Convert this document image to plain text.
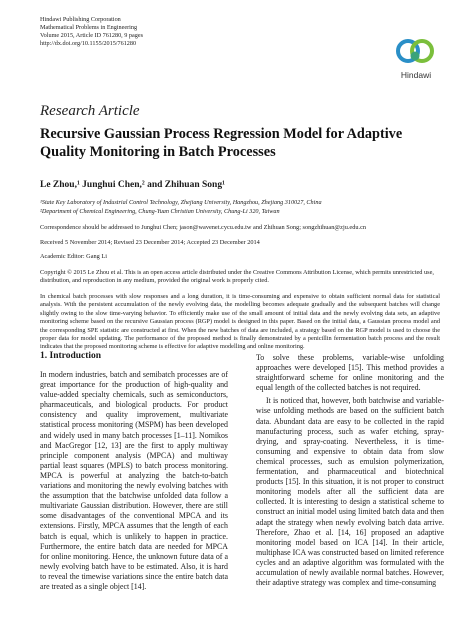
Hindawi Publishing Corporation
Mathematical Problems in Engineering
Volume 2015, Article ID 761280, 9 pages
http://dx.doi.org/10.1155/2015/761280
Hindawi
Research Article
Recursive Gaussian Process Regression Model for Adaptive Quality Monitoring in Batch Processes
Le Zhou,¹ Junghui Chen,² and Zhihuan Song¹
¹State Key Laboratory of Industrial Control Technology, Zhejiang University, Hangzhou, Zhejiang 310027, China
²Department of Chemical Engineering, Chung-Yuan Christian University, Chung-Li 320, Taiwan
Correspondence should be addressed to Junghui Chen; jason@wavenet.cycu.edu.tw and Zhihuan Song; songzhihuan@zju.edu.cn
Received 5 November 2014; Revised 23 December 2014; Accepted 23 December 2014
Academic Editor: Gang Li
Copyright © 2015 Le Zhou et al. This is an open access article distributed under the Creative Commons Attribution License, which permits unrestricted use, distribution, and reproduction in any medium, provided the original work is properly cited.
In chemical batch processes with slow responses and a long duration, it is time-consuming and expensive to obtain sufficient normal data for statistical analysis. With the persistent accumulation of the newly evolving data, the modelling becomes adequate gradually and the subsequent batches will change slightly owing to the slow time-varying behavior. To efficiently make use of the small amount of initial data and the newly evolving data sets, an adaptive monitoring scheme based on the recursive Gaussian process (RGP) model is designed in this paper. Based on the initial data, a Gaussian process model and the corresponding SPE statistic are constructed at first. When the new batches of data are included, a strategy based on the RGP model is used to choose the proper data for model updating. The performance of the proposed method is finally demonstrated by a penicillin fermentation batch process and the result indicates that the proposed monitoring scheme is effective for adaptive modelling and online monitoring.
1. Introduction

In modern industries, batch and semibatch processes are of great importance for the production of high-quality and value-added specialty chemicals, such as semiconductors, pharmaceuticals, and biological products. For product consistency and quality improvement, multivariate statistical process monitoring (MSPM) has been developed and widely used in many batch processes [1–11]. Nomikos and MacGregor [12, 13] are the first to apply multiway principle component analysis (MPCA) and multiway partial least squares (MPLS) to batch process monitoring. MPCA is powerful at analyzing the batch-to-batch variations and monitoring the newly evolving batches with the assumption that the batchwise unfolded data follow a multivariate Gaussian distribution. However, there are still some disadvantages of the conventional MPCA and its extensions. Firstly, MPCA assumes that the length of each batch is equal, which is unlikely to happen in practice. Furthermore, the entire batch data are needed for MPCA for online monitoring. Hence, the unknown future data of a newly evolving batch have to be estimated. Also, it is hard to reveal the timewise variations since the entire batch data are treated as a single object [14].

To solve these problems, variable-wise unfolding approaches were developed [15]. This method provides a straightforward scheme for online monitoring and the equal length of the collected batches is not required.

It is noticed that, however, both batchwise and variable-wise unfolding methods are based on the sufficient batch data. Abundant data are easy to be collected in the rapid manufacturing process, such as wafer etching, spray-drying, and spray-coating. Nevertheless, it is time-consuming and expensive to obtain data from slow chemical processes, such as emulsion polymerization, fermentation, and pharmaceutical and biotechnical products [15]. In this situation, it is not proper to construct monitoring models after all the sufficient data are collected. It is interesting to design a statistical scheme to construct an initial model using limited batch data and then adapt the strategy when newly evolving batch data arrive. Therefore, Zhao et al. [14, 16] proposed an adaptive monitoring model based on ICA [14]. In their article, multiphase ICA was constructed based on limited reference cycles and an adaptive algorithm was formulated with the accumulation of newly available normal batches. However, their adaptive strategy was complex and time-consuming
